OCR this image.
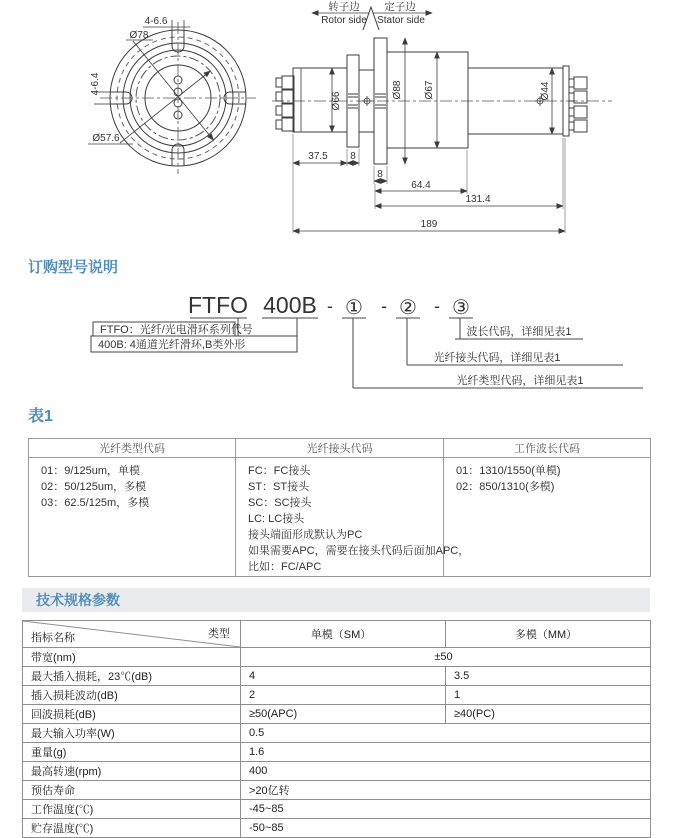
4-6.6
Ø78
4-6.4
Ø57.6
转子边
Rotor side
定子边
Stator side
Ø66
Ø88 Ø67	Ø44
37.5 8
8
64.4
131.4
189
订购型号说明
FTFO 400B - ① - ② - ③
FTFO：光纤/光电滑环系列代号
400B: 4通道光纤滑环,B类外形
波长代码，详细见表1
光纤接头代码，详细见表1
光纤类型代码，详细见表1
表1
光纤类型代码	光纤接头代码	工作波长代码

01：9/125um，单模
02：50/125um，多模
03：62.5/125m，多模

FC：FC接头
ST：ST接头
SC：SC接头
LC: LC接头
接头端面形成默认为PC
如果需要APC，需要在接头代码后面加APC，
比如：FC/APC

01：1310/1550(单模)
02：850/1310(多模)
技术规格参数
指标名称 类型	单模（SM）	多模（MM）
带宽(nm)	±50	
最大插入损耗，23℃(dB)	4	3.5
插入损耗波动(dB)	2	1
回波损耗(dB)	≥50(APC)	≥40(PC)
最大输入功率(W)	0.5	
重量(g)	1.6	
最高转速(rpm)	400	
预估寿命	>20亿转	
工作温度(℃)	-45~85	
贮存温度(℃)	-50~85	
